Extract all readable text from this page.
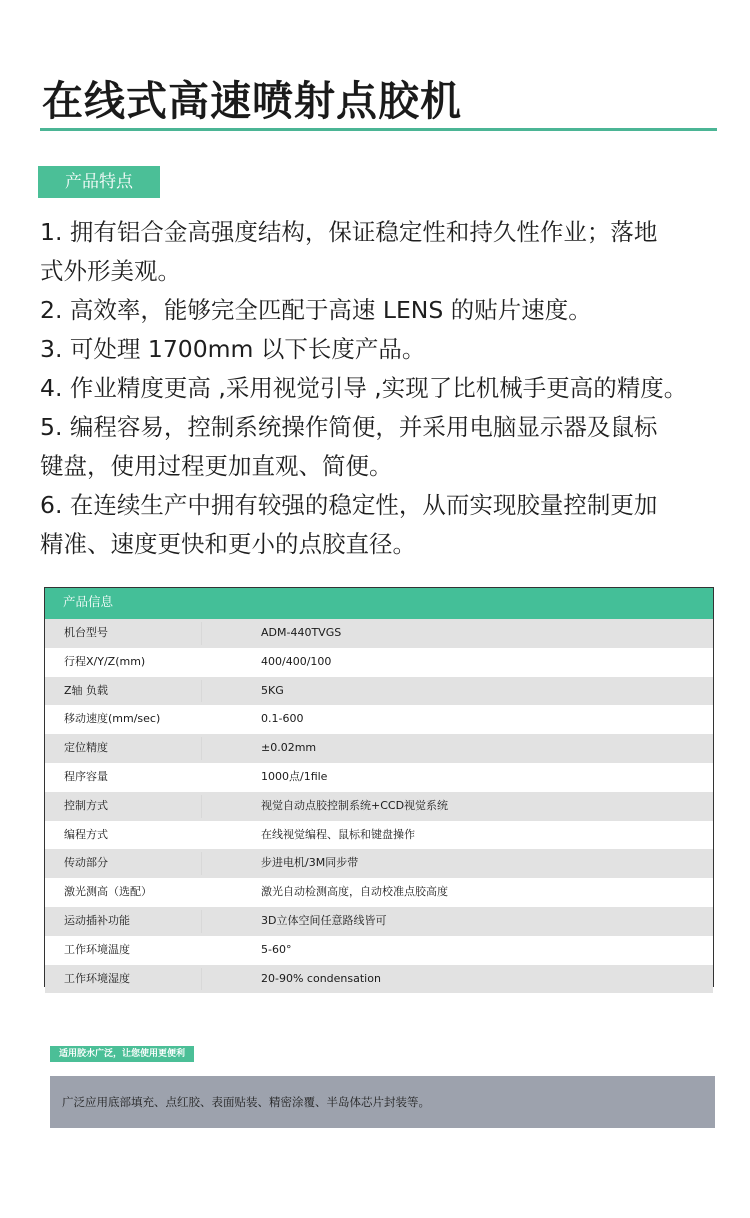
在线式高速喷射点胶机
产品特点
1. 拥有铝合金高强度结构，保证稳定性和持久性作业；落地
式外形美观。
2. 高效率，能够完全匹配于高速 LENS 的贴片速度。
3. 可处理 1700mm 以下长度产品。
4. 作业精度更高 ,采用视觉引导 ,实现了比机械手更高的精度。
5. 编程容易，控制系统操作简便，并采用电脑显示器及鼠标
键盘，使用过程更加直观、简便。
6. 在连续生产中拥有较强的稳定性，从而实现胶量控制更加
精准、速度更快和更小的点胶直径。
产品信息
机台型号	ADM-440TVGS
行程X/Y/Z(mm)	400/400/100
Z轴 负载	5KG
移动速度(mm/sec)	0.1-600
定位精度	±0.02mm
程序容量	1000点/1file
控制方式	视觉自动点胶控制系统+CCD视觉系统
编程方式	在线视觉编程、鼠标和键盘操作
传动部分	步进电机/3M同步带
激光测高（选配）	激光自动检测高度，自动校准点胶高度
运动插补功能	3D立体空间任意路线皆可
工作环境温度	5-60°
工作环境湿度	20-90% condensation
适用胶水广泛，让您使用更便利
广泛应用底部填充、点红胶、表面贴装、精密涂覆、半岛体芯片封装等。
